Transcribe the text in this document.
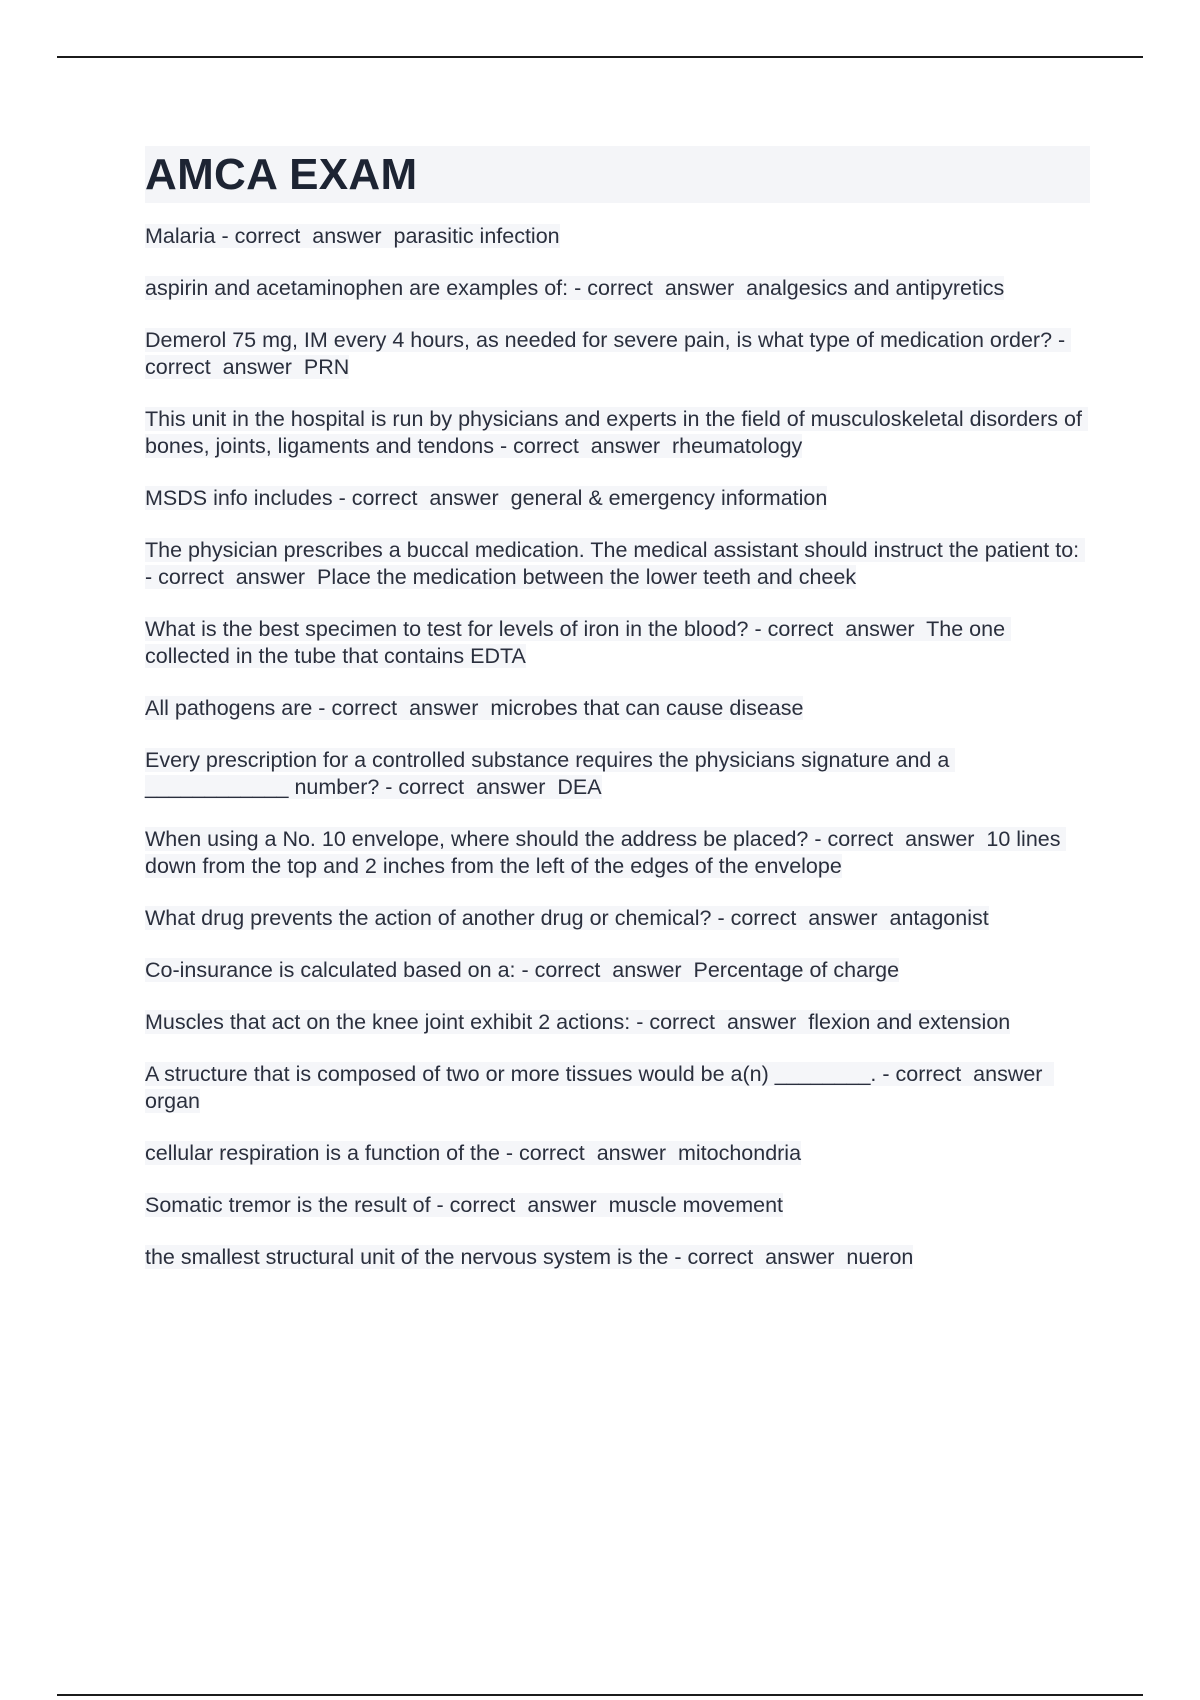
AMCA EXAM
Malaria - correct  answer  parasitic infection
aspirin and acetaminophen are examples of: - correct  answer  analgesics and antipyretics
Demerol 75 mg, IM every 4 hours, as needed for severe pain, is what type of medication order? - correct  answer  PRN
This unit in the hospital is run by physicians and experts in the field of musculoskeletal disorders of bones, joints, ligaments and tendons - correct  answer  rheumatology
MSDS info includes - correct  answer  general & emergency information
The physician prescribes a buccal medication. The medical assistant should instruct the patient to: - correct  answer  Place the medication between the lower teeth and cheek
What is the best specimen to test for levels of iron in the blood? - correct  answer  The one collected in the tube that contains EDTA
All pathogens are - correct  answer  microbes that can cause disease
Every prescription for a controlled substance requires the physicians signature and a ____________ number? - correct  answer  DEA
When using a No. 10 envelope, where should the address be placed? - correct  answer  10 lines down from the top and 2 inches from the left of the edges of the envelope
What drug prevents the action of another drug or chemical? - correct  answer  antagonist
Co-insurance is calculated based on a: - correct  answer  Percentage of charge
Muscles that act on the knee joint exhibit 2 actions: - correct  answer  flexion and extension
A structure that is composed of two or more tissues would be a(n) ________. - correct  answer  organ
cellular respiration is a function of the - correct  answer  mitochondria
Somatic tremor is the result of - correct  answer  muscle movement
the smallest structural unit of the nervous system is the - correct  answer  nueron
